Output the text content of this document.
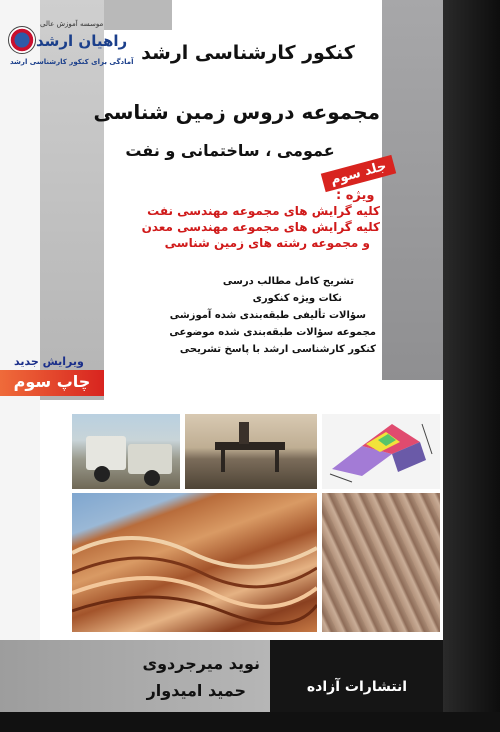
موسسه آموزش عالی
راهیان ارشد
آمادگی برای کنکور کارشناسی ارشد کنکور کارشناسی ارشد
مجموعه دروس زمین شناسی
عمومی ، ساختمانی و نفت
جلد سوم
ویژه :
کلیه گرایش های مجموعه مهندسی نفت
کلیه گرایش های مجموعه مهندسی معدن
و مجموعه رشته های زمین شناسی
تشریح کامل مطالب درسی
نکات ویژه کنکوری
سؤالات تألیفی طبقه‌بندی شده آموزشی
مجموعه سؤالات طبقه‌بندی شده موضوعی
کنکور کارشناسی ارشد با پاسخ تشریحی
ویرایش جدید
چاپ سوم
نوید میرجردوی
حمید امیدوار	انتشارات آزاده
